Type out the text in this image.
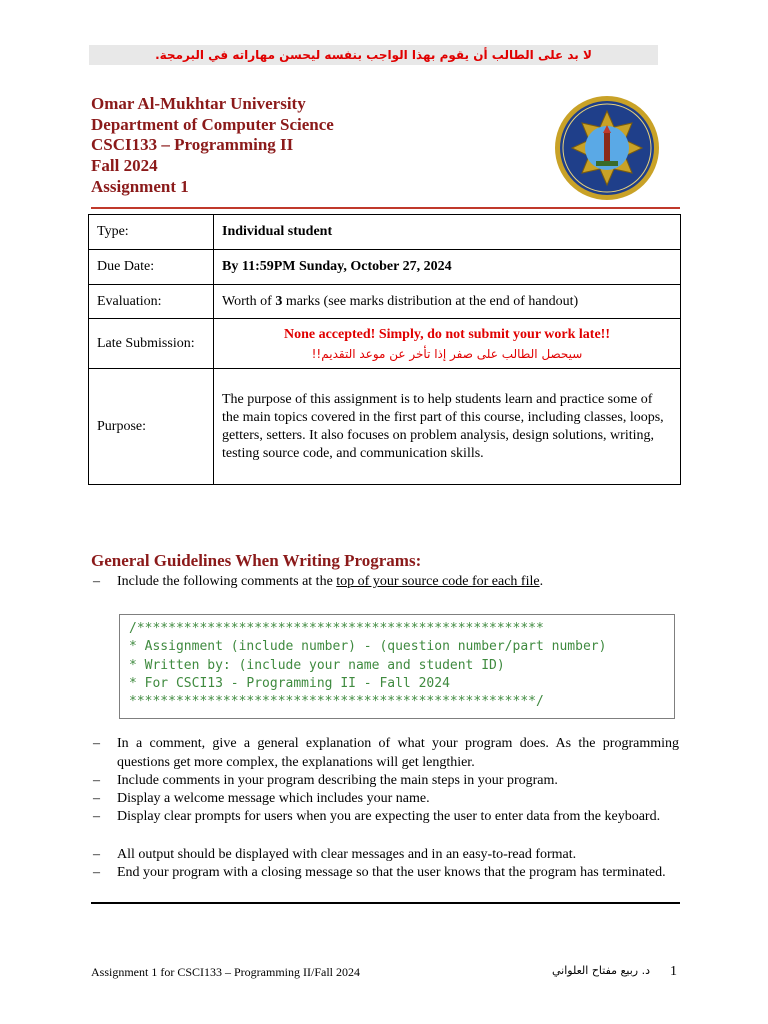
لا بد على الطالب أن يقوم بهذا الواجب بنفسه ليحسن مهاراته في البرمجة.
Omar Al-Mukhtar University
Department of Computer Science
CSCI133 – Programming II
Fall 2024
Assignment 1
Type:	Individual student
Due Date:	By 11:59PM Sunday, October 27, 2024
Evaluation:	Worth of 3 marks (see marks distribution at the end of handout)
Late Submission:	None accepted! Simply, do not submit your work late!!
سيحصل الطالب على صفر إذا تأخر عن موعد التقديم!!

Purpose:	The purpose of this assignment is to help students learn and practice some of the main topics covered in the first part of this course, including classes, loops, getters, setters. It also focuses on problem analysis, design solutions, writing, testing source code, and communication skills.
General Guidelines When Writing Programs:
– Include the following comments at the top of your source code for each file.
/****************************************************
* Assignment (include number) - (question number/part number)
* Written by: (include your name and student ID)
* For CSCI13 - Programming II - Fall 2024
****************************************************/
– In a comment, give a general explanation of what your program does. As the programming questions get more complex, the explanations will get lengthier.
– Include comments in your program describing the main steps in your program.
– Display a welcome message which includes your name.
– Display clear prompts for users when you are expecting the user to enter data from the keyboard.
– All output should be displayed with clear messages and in an easy-to-read format.
– End your program with a closing message so that the user knows that the program has terminated.
Assignment 1 for CSCI133 – Programming II/Fall 2024	د. ربيع مفتاح العلواني 1
